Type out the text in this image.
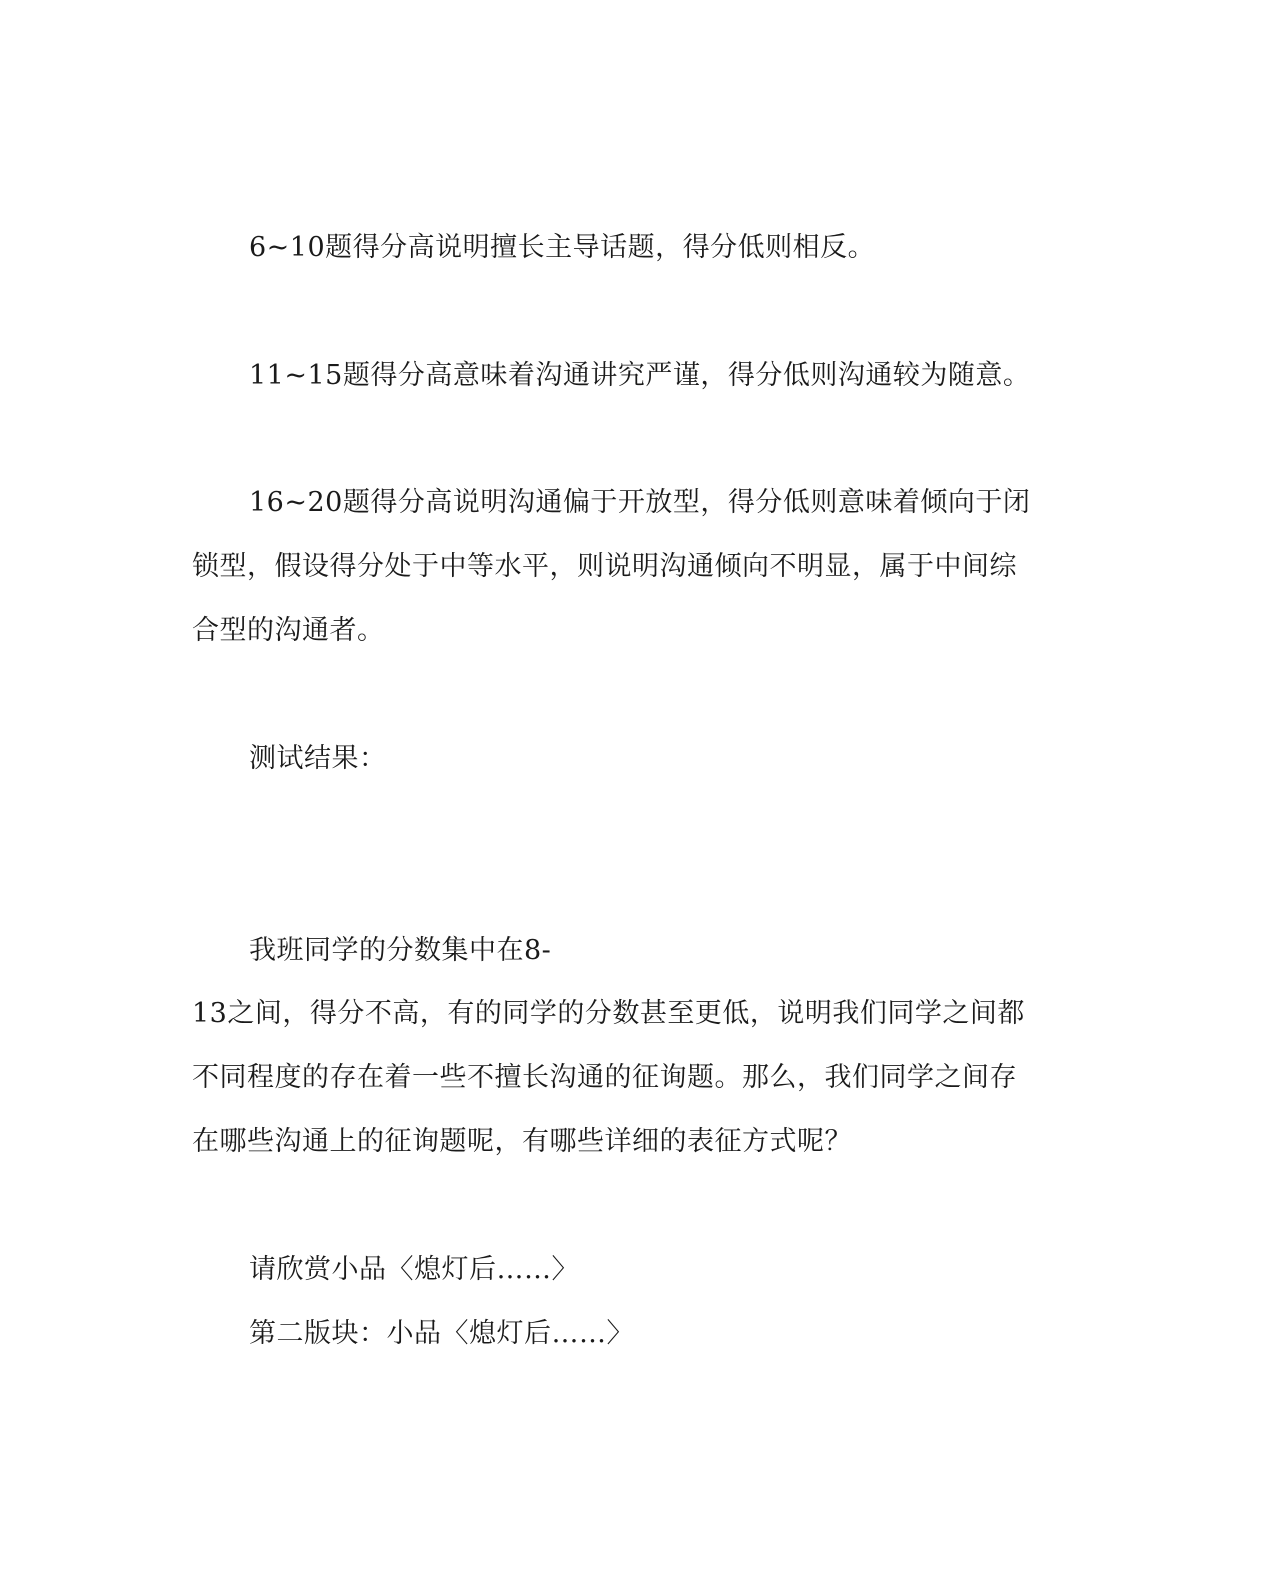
6~10题得分高说明擅长主导话题，得分低则相反。
11~15题得分高意味着沟通讲究严谨，得分低则沟通较为随意。
16~20题得分高说明沟通偏于开放型，得分低则意味着倾向于闭
锁型，假设得分处于中等水平，则说明沟通倾向不明显，属于中间综
合型的沟通者。
测试结果：
我班同学的分数集中在8-
13之间，得分不高，有的同学的分数甚至更低，说明我们同学之间都
不同程度的存在着一些不擅长沟通的征询题。那么，我们同学之间存
在哪些沟通上的征询题呢，有哪些详细的表征方式呢？
请欣赏小品〈熄灯后……〉
第二版块：小品〈熄灯后……〉
